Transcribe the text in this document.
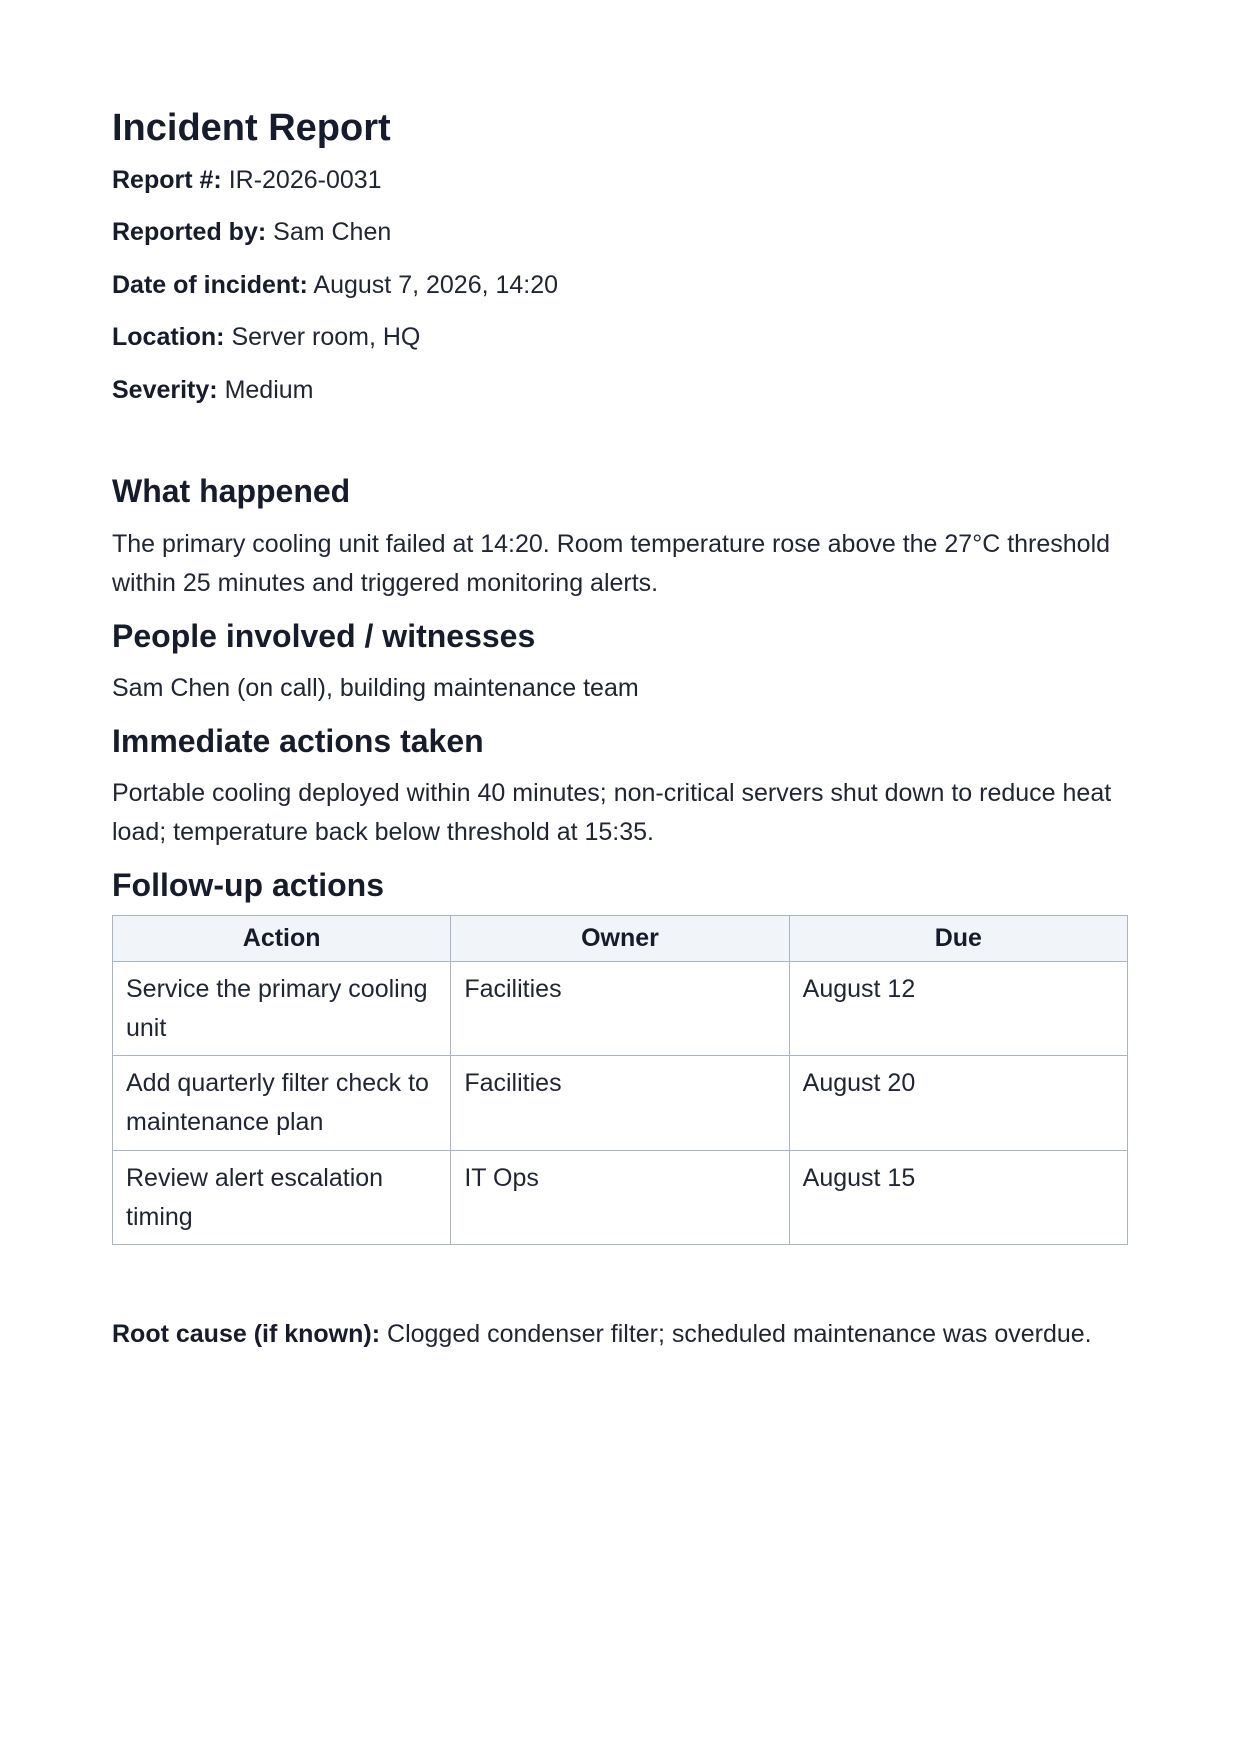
Incident Report
Report #: IR-2026-0031
Reported by: Sam Chen
Date of incident: August 7, 2026, 14:20
Location: Server room, HQ
Severity: Medium
What happened

The primary cooling unit failed at 14:20. Room temperature rose above the 27°C threshold within 25 minutes and triggered monitoring alerts.

People involved / witnesses

Sam Chen (on call), building maintenance team

Immediate actions taken

Portable cooling deployed within 40 minutes; non-critical servers shut down to reduce heat load; temperature back below threshold at 15:35.

Follow-up actions
Action	Owner	Due
Service the primary cooling unit	Facilities	August 12
Add quarterly filter check to maintenance plan	Facilities	August 20
Review alert escalation timing	IT Ops	August 15
Root cause (if known): Clogged condenser filter; scheduled maintenance was overdue.
